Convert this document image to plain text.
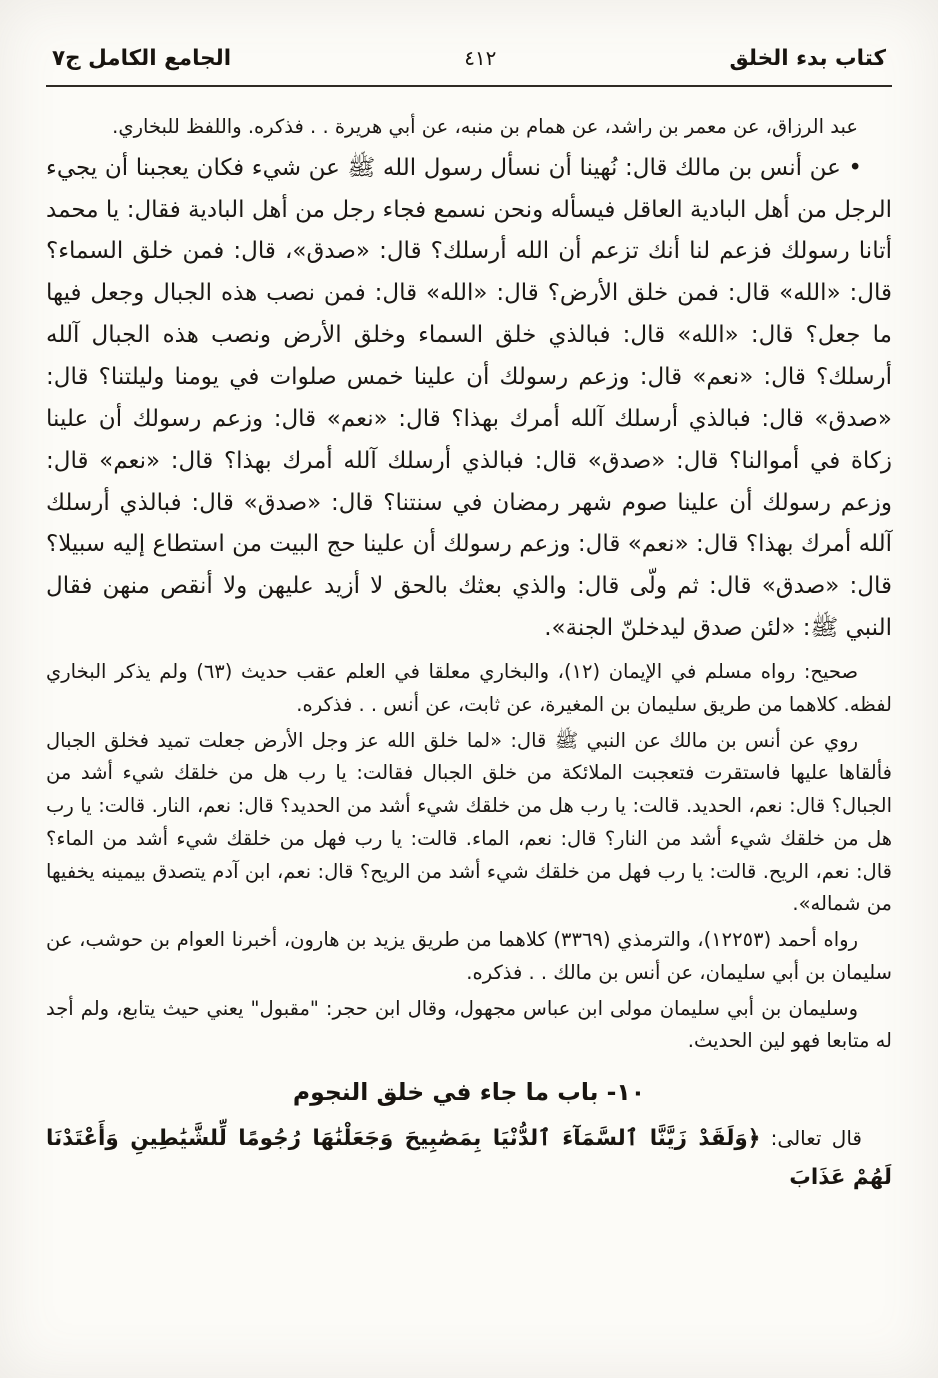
كتاب بدء الخلق
٤١٢
الجامع الكامل ج٧

عبد الرزاق، عن معمر بن راشد، عن همام بن منبه، عن أبي هريرة . . فذكره. واللفظ للبخاري.

• عن أنس بن مالك قال: نُهينا أن نسأل رسول الله ﷺ عن شيء فكان يعجبنا أن يجيء الرجل من أهل البادية العاقل فيسأله ونحن نسمع فجاء رجل من أهل البادية فقال: يا محمد أتانا رسولك فزعم لنا أنك تزعم أن الله أرسلك؟ قال: «صدق»، قال: فمن خلق السماء؟ قال: «الله» قال: فمن خلق الأرض؟ قال: «الله» قال: فمن نصب هذه الجبال وجعل فيها ما جعل؟ قال: «الله» قال: فبالذي خلق السماء وخلق الأرض ونصب هذه الجبال آلله أرسلك؟ قال: «نعم» قال: وزعم رسولك أن علينا خمس صلوات في يومنا وليلتنا؟ قال: «صدق» قال: فبالذي أرسلك آلله أمرك بهذا؟ قال: «نعم» قال: وزعم رسولك أن علينا زكاة في أموالنا؟ قال: «صدق» قال: فبالذي أرسلك آلله أمرك بهذا؟ قال: «نعم» قال: وزعم رسولك أن علينا صوم شهر رمضان في سنتنا؟ قال: «صدق» قال: فبالذي أرسلك آلله أمرك بهذا؟ قال: «نعم» قال: وزعم رسولك أن علينا حج البيت من استطاع إليه سبيلا؟ قال: «صدق» قال: ثم ولّى قال: والذي بعثك بالحق لا أزيد عليهن ولا أنقص منهن فقال النبي ﷺ: «لئن صدق ليدخلنّ الجنة».

صحيح: رواه مسلم في الإيمان (١٢)، والبخاري معلقا في العلم عقب حديث (٦٣) ولم يذكر البخاري لفظه. كلاهما من طريق سليمان بن المغيرة، عن ثابت، عن أنس . . فذكره.

روي عن أنس بن مالك عن النبي ﷺ قال: «لما خلق الله عز وجل الأرض جعلت تميد فخلق الجبال فألقاها عليها فاستقرت فتعجبت الملائكة من خلق الجبال فقالت: يا رب هل من خلقك شيء أشد من الجبال؟ قال: نعم، الحديد. قالت: يا رب هل من خلقك شيء أشد من الحديد؟ قال: نعم، النار. قالت: يا رب هل من خلقك شيء أشد من النار؟ قال: نعم، الماء. قالت: يا رب فهل من خلقك شيء أشد من الماء؟ قال: نعم، الريح. قالت: يا رب فهل من خلقك شيء أشد من الريح؟ قال: نعم، ابن آدم يتصدق بيمينه يخفيها من شماله».

رواه أحمد (١٢٢٥٣)، والترمذي (٣٣٦٩) كلاهما من طريق يزيد بن هارون، أخبرنا العوام بن حوشب، عن سليمان بن أبي سليمان، عن أنس بن مالك . . فذكره.

وسليمان بن أبي سليمان مولى ابن عباس مجهول، وقال ابن حجر: "مقبول" يعني حيث يتابع، ولم أجد له متابعا فهو لين الحديث.

١٠- باب ما جاء في خلق النجوم

قال تعالى: ﴿وَلَقَدْ زَيَّنَّا ٱلسَّمَآءَ ٱلدُّنْيَا بِمَصَٰبِيحَ وَجَعَلْنَٰهَا رُجُومًا لِّلشَّيَٰطِينِ وَأَعْتَدْنَا لَهُمْ عَذَابَ
